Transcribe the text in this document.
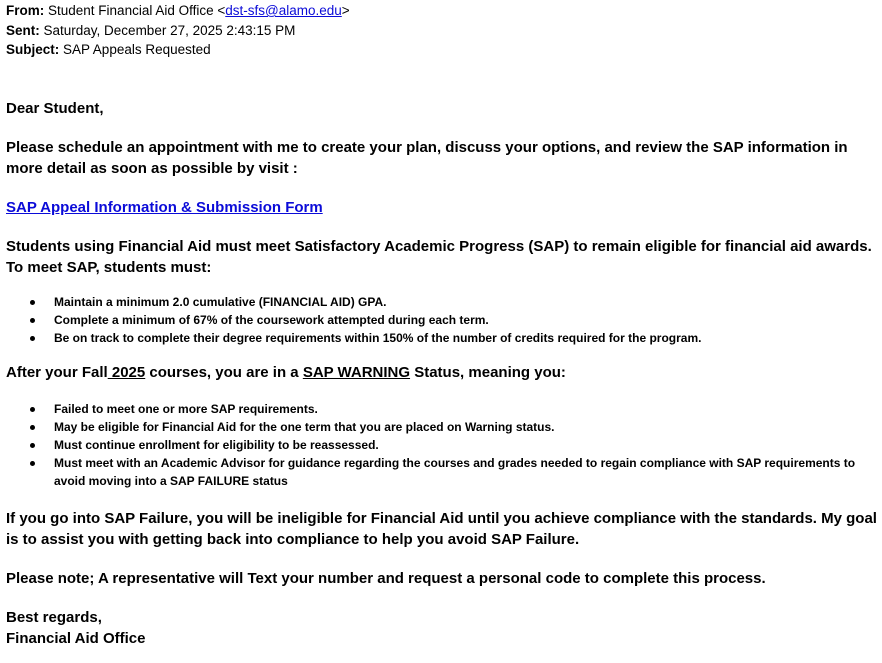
From: Student Financial Aid Office <dst-sfs@alamo.edu>
Sent: Saturday, December 27, 2025 2:43:15 PM
Subject: SAP Appeals Requested

Dear Student,

Please schedule an appointment with me to create your plan, discuss your options, and review the SAP information in more detail as soon as possible by visit :

SAP Appeal Information & Submission Form

Students using Financial Aid must meet Satisfactory Academic Progress (SAP) to remain eligible for financial aid awards. To meet SAP, students must:

Maintain a minimum 2.0 cumulative (FINANCIAL AID) GPA.
Complete a minimum of 67% of the coursework attempted during each term.
Be on track to complete their degree requirements within 150% of the number of credits required for the program.

After your Fall 2025 courses, you are in a SAP WARNING Status, meaning you:

Failed to meet one or more SAP requirements.
May be eligible for Financial Aid for the one term that you are placed on Warning status.
Must continue enrollment for eligibility to be reassessed.
Must meet with an Academic Advisor for guidance regarding the courses and grades needed to regain compliance with SAP requirements to avoid moving into a SAP FAILURE status

If you go into SAP Failure, you will be ineligible for Financial Aid until you achieve compliance with the standards. My goal is to assist you with getting back into compliance to help you avoid SAP Failure.

Please note; A representative will Text your number and request a personal code to complete this process.

Best regards,

Financial Aid Office
